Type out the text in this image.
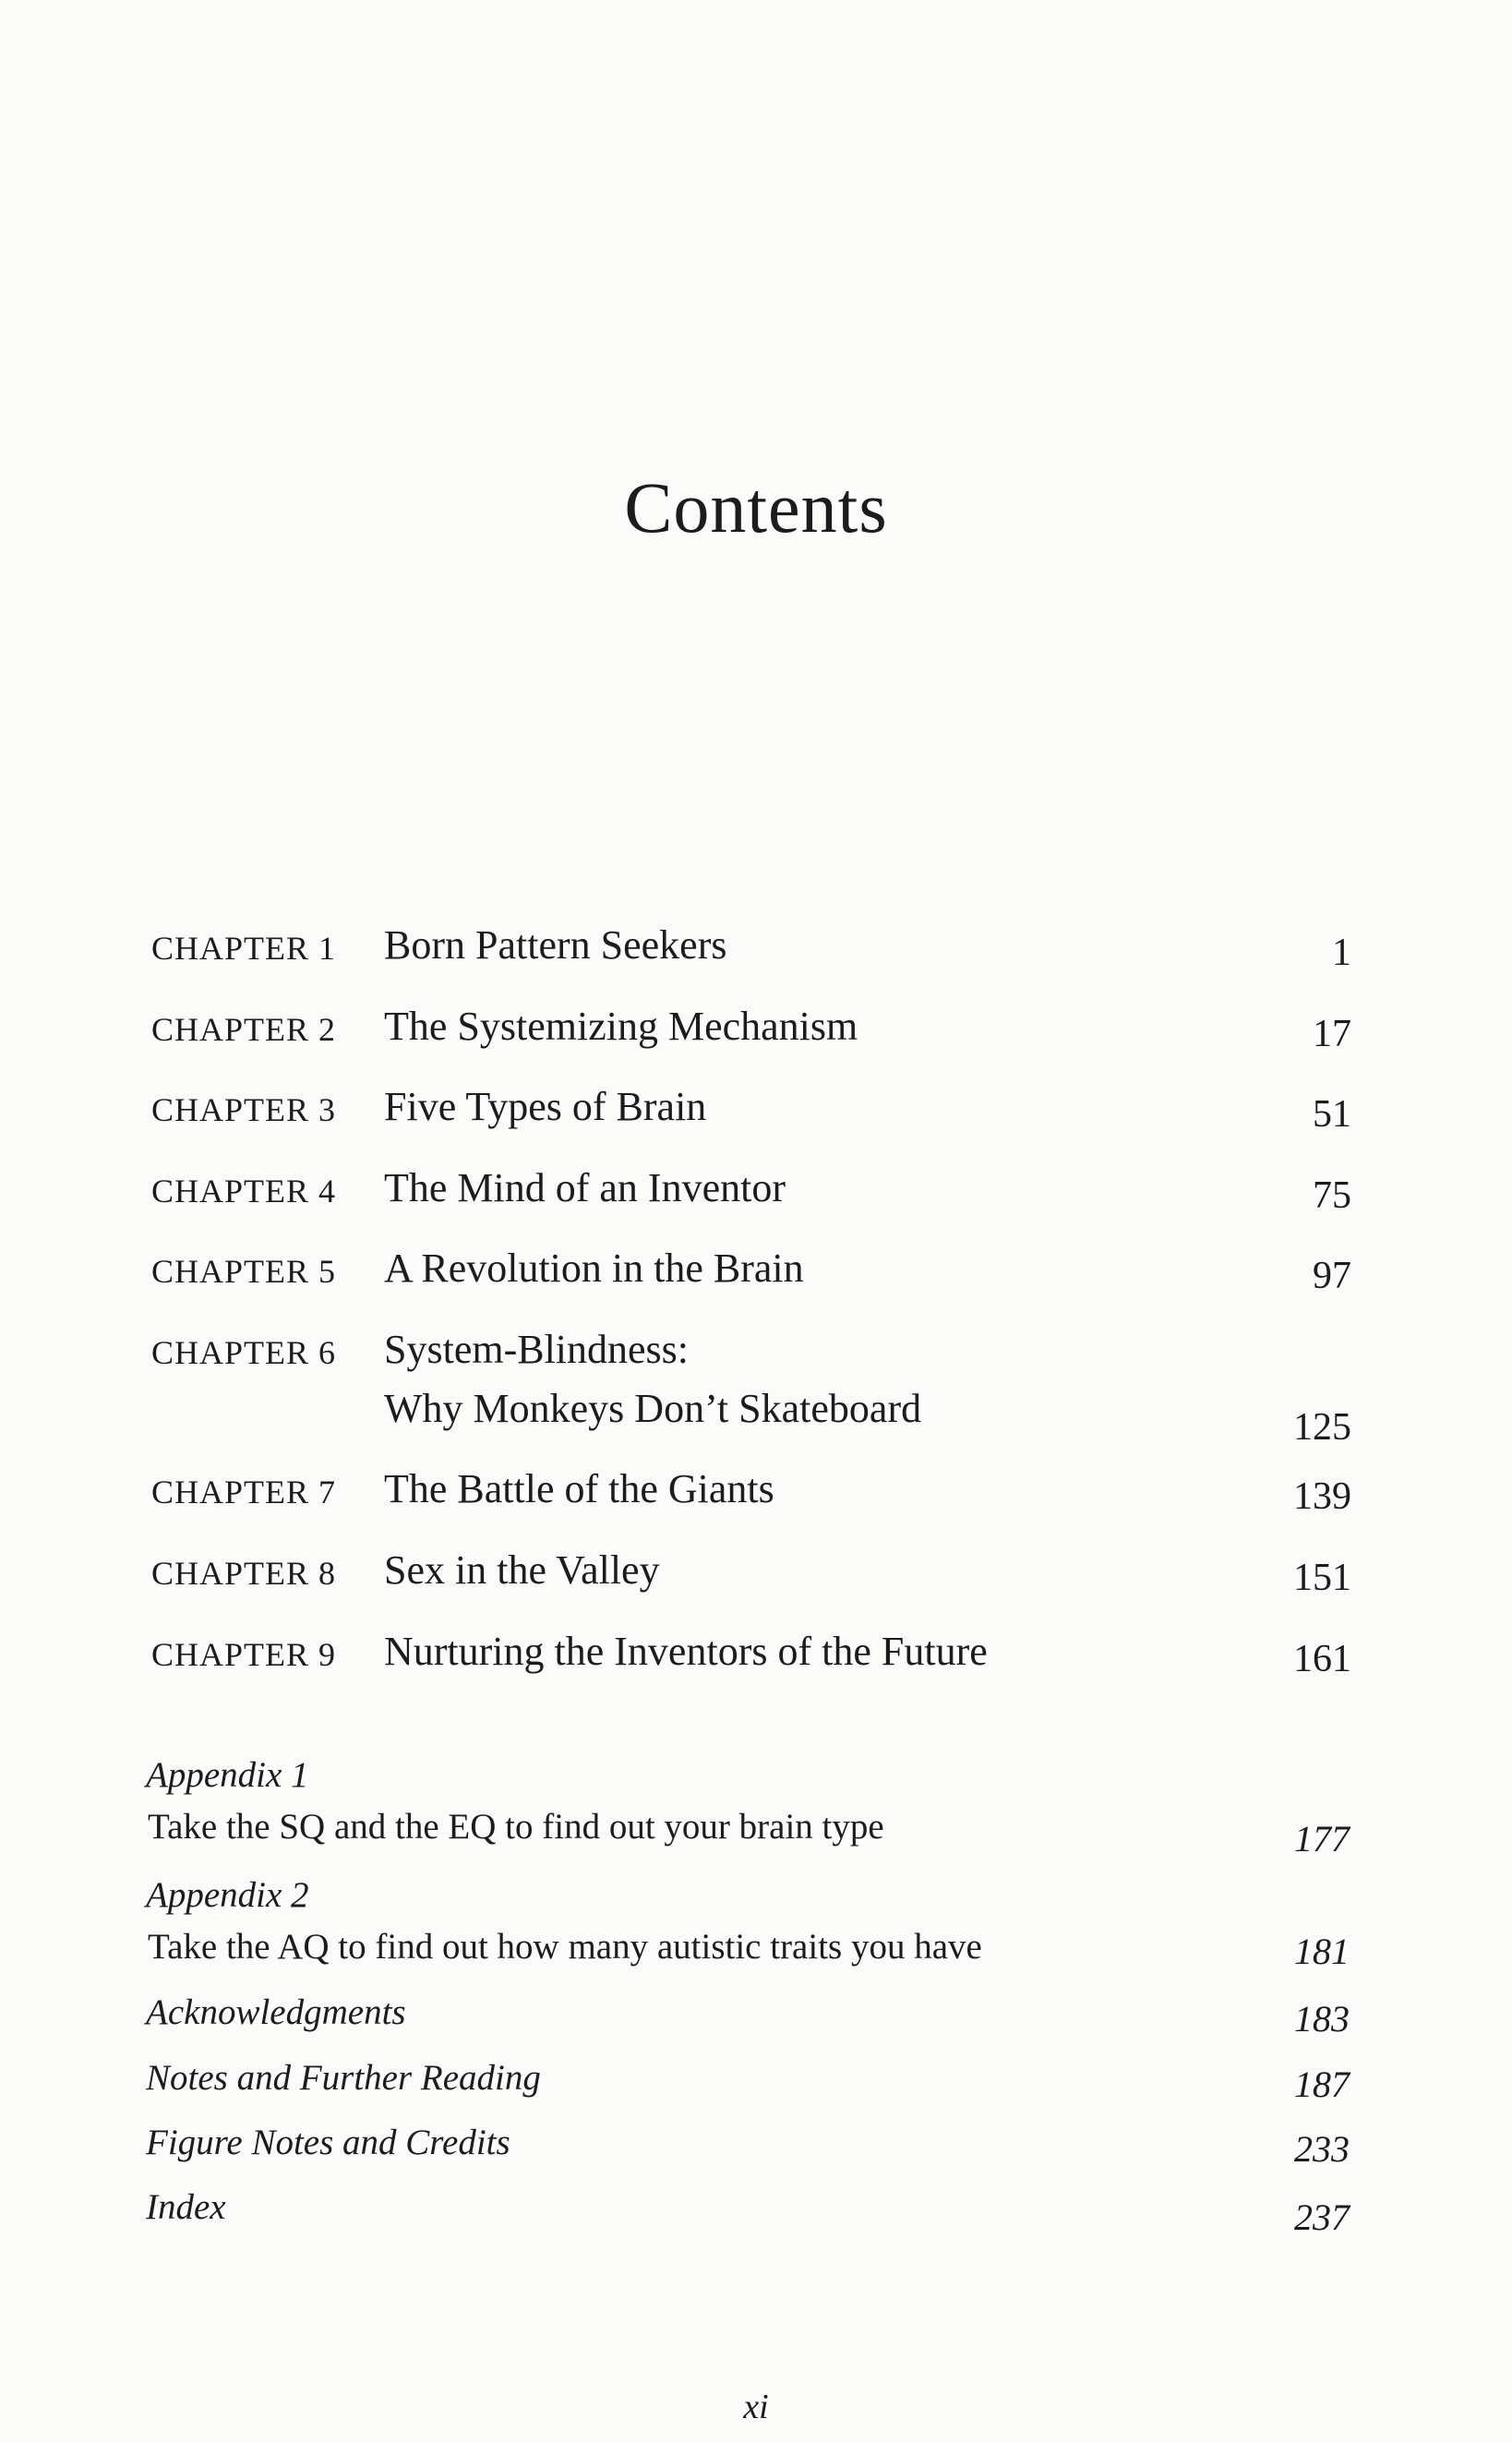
Contents
CHAPTER 1 Born Pattern Seekers	1
CHAPTER 2 The Systemizing Mechanism	17
CHAPTER 3 Five Types of Brain	51
CHAPTER 4 The Mind of an Inventor	75
CHAPTER 5 A Revolution in the Brain	97
CHAPTER 6 System-Blindness:
Why Monkeys Don’t Skateboard	125
CHAPTER 7 The Battle of the Giants	139
CHAPTER 8 Sex in the Valley	151
CHAPTER 9 Nurturing the Inventors of the Future	161
Appendix 1
Take the SQ and the EQ to find out your brain type	177
Appendix 2
Take the AQ to find out how many autistic traits you have	181
Acknowledgments	183
Notes and Further Reading	187
Figure Notes and Credits	233
Index	237
xi
